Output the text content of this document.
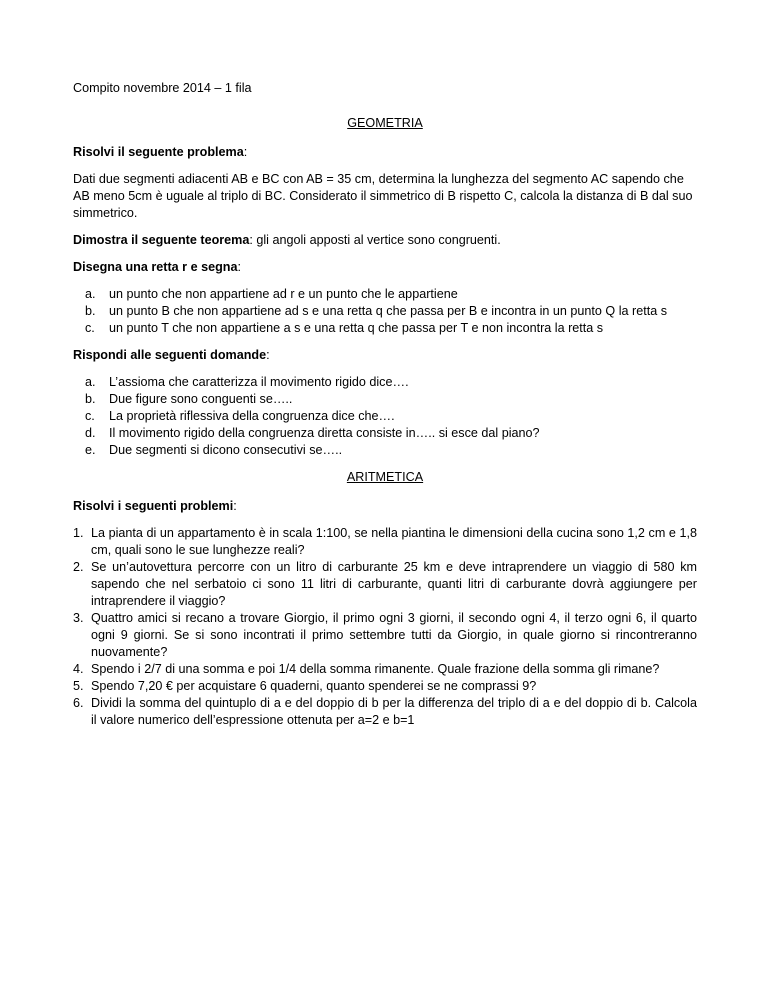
Compito novembre 2014 – 1 fila

GEOMETRIA

Risolvi il seguente problema:

Dati due segmenti adiacenti AB e BC con AB = 35 cm, determina la lunghezza del segmento AC sapendo che AB meno 5cm è uguale al triplo di BC. Considerato il simmetrico di B rispetto C, calcola la distanza di B dal suo simmetrico.

Dimostra il seguente teorema: gli angoli apposti al vertice sono congruenti.

Disegna una retta r e segna:

a. un punto che non appartiene ad r e un punto che le appartiene
b. un punto B che non appartiene ad s e una retta q che passa per B e incontra in un punto Q la retta s
c. un punto T che non appartiene a s e una retta q che passa per T e non incontra la retta s

Rispondi alle seguenti domande:

a. L’assioma che caratterizza il movimento rigido dice….
b. Due figure sono conguenti se…..
c. La proprietà riflessiva della congruenza dice che….
d. Il movimento rigido della congruenza diretta consiste in….. si esce dal piano?
e. Due segmenti si dicono consecutivi se…..

ARITMETICA

Risolvi i seguenti problemi:

1. La pianta di un appartamento è in scala 1:100, se nella piantina le dimensioni della cucina sono 1,2 cm e 1,8 cm, quali sono le sue lunghezze reali?
2. Se un’autovettura percorre con un litro di carburante 25 km e deve intraprendere un viaggio di 580 km sapendo che nel serbatoio ci sono 11 litri di carburante, quanti litri di carburante dovrà aggiungere per intraprendere il viaggio?
3. Quattro amici si recano a trovare Giorgio, il primo ogni 3 giorni, il secondo ogni 4, il terzo ogni 6, il quarto ogni 9 giorni. Se si sono incontrati il primo settembre tutti da Giorgio, in quale giorno si rincontreranno nuovamente?
4. Spendo i 2/7 di una somma e poi 1/4 della somma rimanente. Quale frazione della somma gli rimane?
5. Spendo 7,20 € per acquistare 6 quaderni, quanto spenderei se ne comprassi 9?
6. Dividi la somma del quintuplo di a e del doppio di b per la differenza del triplo di a e del doppio di b. Calcola il valore numerico dell’espressione ottenuta per a=2 e b=1
